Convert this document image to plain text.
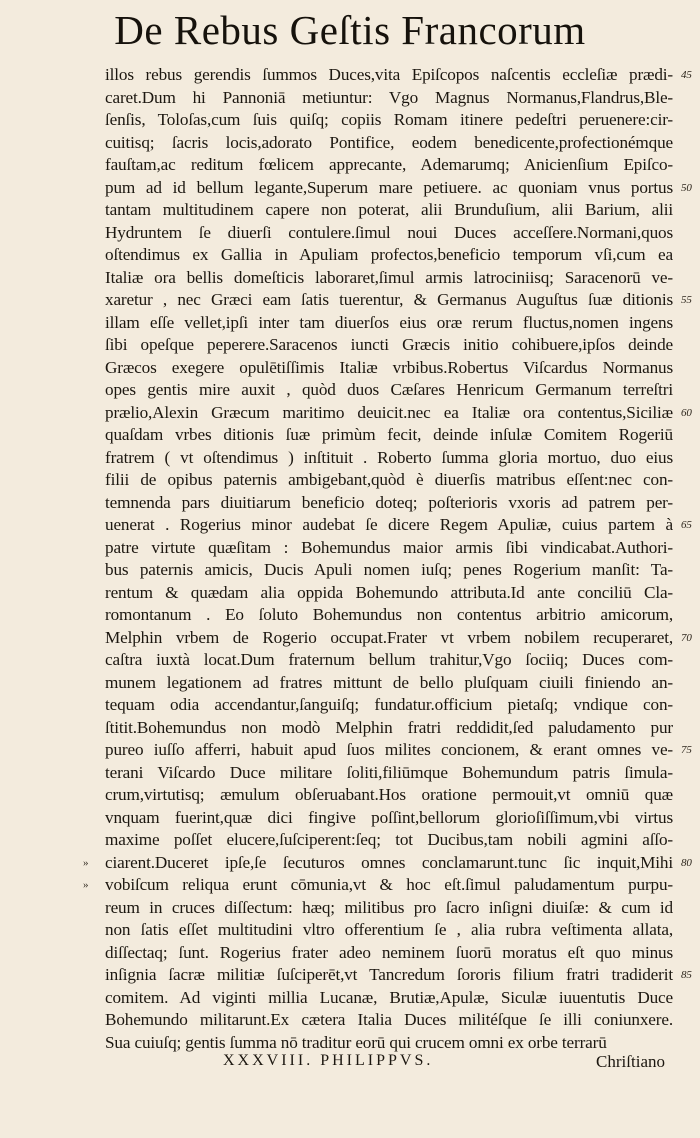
De Rebus Geſtis Francorum
illos rebus gerendis ſummos Duces,vita Epiſcopos naſcentis eccleſiæ prædi- 45
caret.Dum hi Pannoniā metiuntur: Vgo Magnus Normanus,Flandrus,Ble-
ſenſis, Toloſas,cum ſuis quiſq; copiis Romam itinere pedeſtri peruenere:cir-
cuitisq; ſacris locis,adorato Pontifice, eodem benedicente,profectionémque
fauſtam,ac reditum fœlicem apprecante, Ademarumq; Anicienſium Epiſco-
pum ad id bellum legante,Superum mare petiuere. ac quoniam vnus portus 50
tantam multitudinem capere non poterat, alii Brunduſium, alii Barium, alii
Hydruntem ſe diuerſi contulere.ſimul noui Duces acceſſere.Normani,quos
oſtendimus ex Gallia in Apuliam profectos,beneficio temporum vſi,cum ea
Italiæ ora bellis domeſticis laboraret,ſimul armis latrociniisq; Saracenorū ve-
xaretur , nec Græci eam ſatis tuerentur, & Germanus Auguſtus ſuæ ditionis 55
illam eſſe vellet,ipſi inter tam diuerſos eius oræ rerum fluctus,nomen ingens
ſibi opeſque peperere.Saracenos iuncti Græcis initio cohibuere,ipſos deinde
Græcos exegere opulētiſſimis Italiæ vrbibus.Robertus Viſcardus Normanus
opes gentis mire auxit , quòd duos Cæſares Henricum Germanum terreſtri
prælio,Alexin Græcum maritimo deuicit.nec ea Italiæ ora contentus,Siciliæ 60
quaſdam vrbes ditionis ſuæ primùm fecit, deinde inſulæ Comitem Rogeriū
fratrem ( vt oſtendimus ) inſtituit . Roberto ſumma gloria mortuo, duo eius
filii de opibus paternis ambigebant,quòd è diuerſis matribus eſſent:nec con-
temnenda pars diuitiarum beneficio doteq; poſterioris vxoris ad patrem per-
uenerat . Rogerius minor audebat ſe dicere Regem Apuliæ, cuius partem à 65
patre virtute quæſitam : Bohemundus maior armis ſibi vindicabat.Authori-
bus paternis amicis, Ducis Apuli nomen iuſq; penes Rogerium manſit: Ta-
rentum & quædam alia oppida Bohemundo attributa.Id ante conciliū Cla-
romontanum . Eo ſoluto Bohemundus non contentus arbitrio amicorum,
Melphin vrbem de Rogerio occupat.Frater vt vrbem nobilem recuperaret, 70
caſtra iuxtà locat.Dum fraternum bellum trahitur,Vgo ſociiq; Duces com-
munem legationem ad fratres mittunt de bello pluſquam ciuili finiendo an-
tequam odia accendantur,ſanguiſq; fundatur.officium pietaſq; vndique con-
ſtitit.Bohemundus non modò Melphin fratri reddidit,ſed paludamento pur
pureo iuſſo afferri, habuit apud ſuos milites concionem, & erant omnes ve- 75
terani Viſcardo Duce militare ſoliti,filiūmque Bohemundum patris ſimula-
crum,virtutisq; æmulum obſeruabant.Hos oratione permouit,vt omniū quæ
vnquam fuerint,quæ dici fingive poſſint,bellorum glorioſiſſimum,vbi virtus
maxime poſſet elucere,ſuſciperent:ſeq; tot Ducibus,tam nobili agmini aſſo-
ciarent.Duceret ipſe,ſe ſecuturos omnes conclamarunt.tunc ſic inquit,Mihi 80
»
vobiſcum reliqua erunt cōmunia,vt & hoc eſt.ſimul paludamentum purpu-
»
reum in cruces diſſectum: hæq; militibus pro ſacro inſigni diuiſæ: & cum id
non ſatis eſſet multitudini vltro offerentium ſe , alia rubra veſtimenta allata,
diſſectaq; ſunt. Rogerius frater adeo neminem ſuorū moratus eſt quo minus
inſignia ſacræ militiæ ſuſciperēt,vt Tancredum ſororis filium fratri tradiderit 85
comitem. Ad viginti millia Lucanæ, Brutiæ,Apulæ, Siculæ iuuentutis Duce
Bohemundo militarunt.Ex cætera Italia Duces militéſque ſe illi coniunxere.
Sua cuiuſq; gentis ſumma nō traditur eorū qui crucem omni ex orbe terrarū
XXXVIII. PHILIPPVS.	Chriſtiano
